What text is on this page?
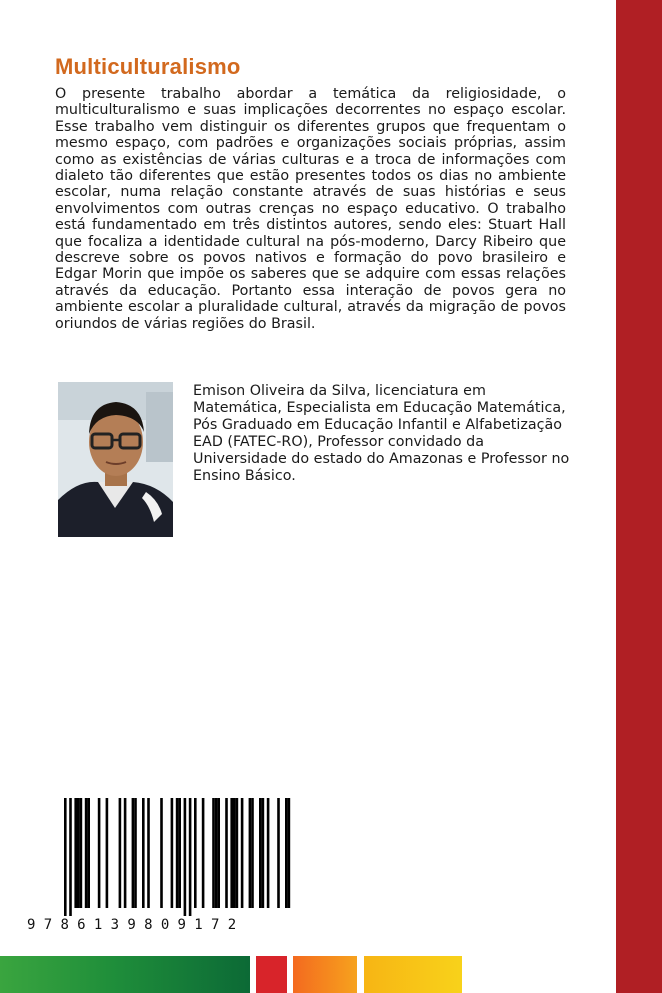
Multiculturalismo

O presente trabalho abordar a temática da religiosidade, o multiculturalismo e suas implicações decorrentes no espaço escolar. Esse trabalho vem distinguir os diferentes grupos que frequentam o mesmo espaço, com padrões e organizações sociais próprias, assim como as existências de várias culturas e a troca de informações com dialeto tão diferentes que estão presentes todos os dias no ambiente escolar, numa relação constante através de suas histórias e seus envolvimentos com outras crenças no espaço educativo. O trabalho está fundamentado em três distintos autores, sendo eles: Stuart Hall que focaliza a identidade cultural na pós-moderno, Darcy Ribeiro que descreve sobre os povos nativos e formação do povo brasileiro e Edgar Morin que impõe os saberes que se adquire com essas relações através da educação. Portanto essa interação de povos gera no ambiente escolar a pluralidade cultural, através da migração de povos oriundos de várias regiões do Brasil.

Emison Oliveira da Silva, licenciatura em Matemática, Especialista em Educação Matemática, Pós Graduado em Educação Infantil e Alfabetização EAD (FATEC-RO), Professor convidado da Universidade do estado do Amazonas e Professor no Ensino Básico.

9786139809172
